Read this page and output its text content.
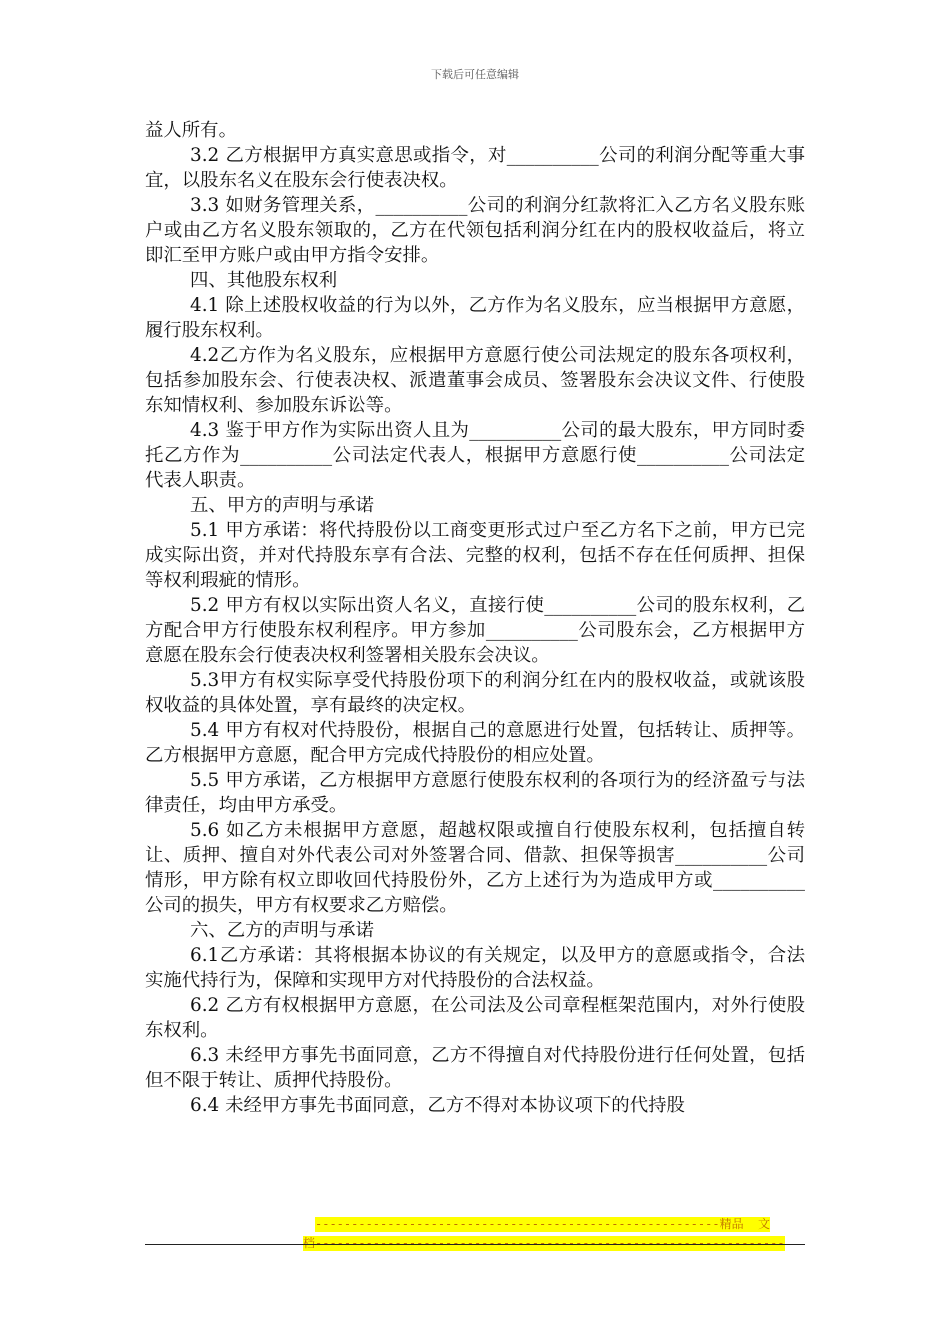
下载后可任意编辑

益人所有。

3.2 乙方根据甲方真实意思或指令，对__________公司的利润分配等重大事宜，以股东名义在股东会行使表决权。

3.3 如财务管理关系，__________公司的利润分红款将汇入乙方名义股东账户或由乙方名义股东领取的，乙方在代领包括利润分红在内的股权收益后，将立即汇至甲方账户或由甲方指令安排。

四、其他股东权利

4.1 除上述股权收益的行为以外，乙方作为名义股东，应当根据甲方意愿，履行股东权利。

4.2乙方作为名义股东，应根据甲方意愿行使公司法规定的股东各项权利，包括参加股东会、行使表决权、派遣董事会成员、签署股东会决议文件、行使股东知情权利、参加股东诉讼等。

4.3 鉴于甲方作为实际出资人且为__________公司的最大股东，甲方同时委托乙方作为__________公司法定代表人，根据甲方意愿行使__________公司法定代表人职责。

五、甲方的声明与承诺

5.1 甲方承诺：将代持股份以工商变更形式过户至乙方名下之前，甲方已完成实际出资，并对代持股东享有合法、完整的权利，包括不存在任何质押、担保等权利瑕疵的情形。

5.2 甲方有权以实际出资人名义，直接行使__________公司的股东权利，乙方配合甲方行使股东权利程序。甲方参加__________公司股东会，乙方根据甲方意愿在股东会行使表决权利签署相关股东会决议。

5.3甲方有权实际享受代持股份项下的利润分红在内的股权收益，或就该股权收益的具体处置，享有最终的决定权。

5.4 甲方有权对代持股份，根据自己的意愿进行处置，包括转让、质押等。乙方根据甲方意愿，配合甲方完成代持股份的相应处置。

5.5 甲方承诺，乙方根据甲方意愿行使股东权利的各项行为的经济盈亏与法律责任，均由甲方承受。

5.6 如乙方未根据甲方意愿，超越权限或擅自行使股东权利，包括擅自转让、质押、擅自对外代表公司对外签署合同、借款、担保等损害__________公司情形，甲方除有权立即收回代持股份外，乙方上述行为为造成甲方或__________公司的损失，甲方有权要求乙方赔偿。

六、乙方的声明与承诺

6.1乙方承诺：其将根据本协议的有关规定，以及甲方的意愿或指令，合法实施代持行为，保障和实现甲方对代持股份的合法权益。

6.2 乙方有权根据甲方意愿，在公司法及公司章程框架范围内，对外行使股东权利。

6.3 未经甲方事先书面同意，乙方不得擅自对代持股份进行任何处置，包括但不限于转让、质押代持股份。

6.4 未经甲方事先书面同意，乙方不得对本协议项下的代持股

--------------------------------------------------------精品  文
档-----------------------------------------------------------------
